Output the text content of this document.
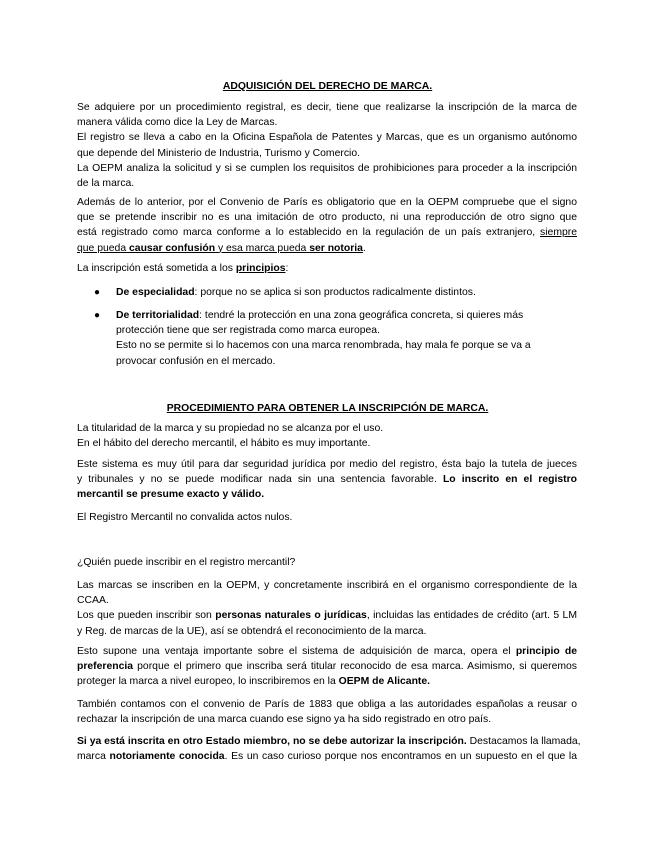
ADQUISICIÓN DEL DERECHO DE MARCA.

Se adquiere por un procedimiento registral, es decir, tiene que realizarse la inscripción de la marca de
manera válida como dice la Ley de Marcas.
El registro se lleva a cabo en la Oficina Española de Patentes y Marcas, que es un organismo autónomo
que depende del Ministerio de Industria, Turismo y Comercio.
La OEPM analiza la solicitud y si se cumplen los requisitos de prohibiciones para proceder a la inscripción
de la marca.

Además de lo anterior, por el Convenio de París es obligatorio que en la OEPM compruebe que el signo
que se pretende inscribir no es una imitación de otro producto, ni una reproducción de otro signo que
está registrado como marca conforme a lo establecido en la regulación de un país extranjero, siempre
que pueda causar confusión y esa marca pueda ser notoria.

La inscripción está sometida a los principios:

● De especialidad: porque no se aplica si son productos radicalmente distintos.

● De territorialidad: tendré la protección en una zona geográfica concreta, si quieres más
protección tiene que ser registrada como marca europea.
Esto no se permite si lo hacemos con una marca renombrada, hay mala fe porque se va a
provocar confusión en el mercado.

PROCEDIMIENTO PARA OBTENER LA INSCRIPCIÓN DE MARCA.

La titularidad de la marca y su propiedad no se alcanza por el uso.
En el hábito del derecho mercantil, el hábito es muy importante.

Este sistema es muy útil para dar seguridad jurídica por medio del registro, ésta bajo la tutela de jueces
y tribunales y no se puede modificar nada sin una sentencia favorable. Lo inscrito en el registro
mercantil se presume exacto y válido.

El Registro Mercantil no convalida actos nulos.

¿Quién puede inscribir en el registro mercantil?

Las marcas se inscriben en la OEPM, y concretamente inscribirá en el organismo correspondiente de la
CCAA.
Los que pueden inscribir son personas naturales o jurídicas, incluidas las entidades de crédito (art. 5 LM
y Reg. de marcas de la UE), así se obtendrá el reconocimiento de la marca.

Esto supone una ventaja importante sobre el sistema de adquisición de marca, opera el principio de
preferencia porque el primero que inscriba será titular reconocido de esa marca. Asimismo, si queremos
proteger la marca a nivel europeo, lo inscribiremos en la OEPM de Alicante.

También contamos con el convenio de París de 1883 que obliga a las autoridades españolas a reusar o
rechazar la inscripción de una marca cuando ese signo ya ha sido registrado en otro país.

Si ya está inscrita en otro Estado miembro, no se debe autorizar la inscripción. Destacamos la llamada,
marca notoriamente conocida. Es un caso curioso porque nos encontramos en un supuesto en el que la
